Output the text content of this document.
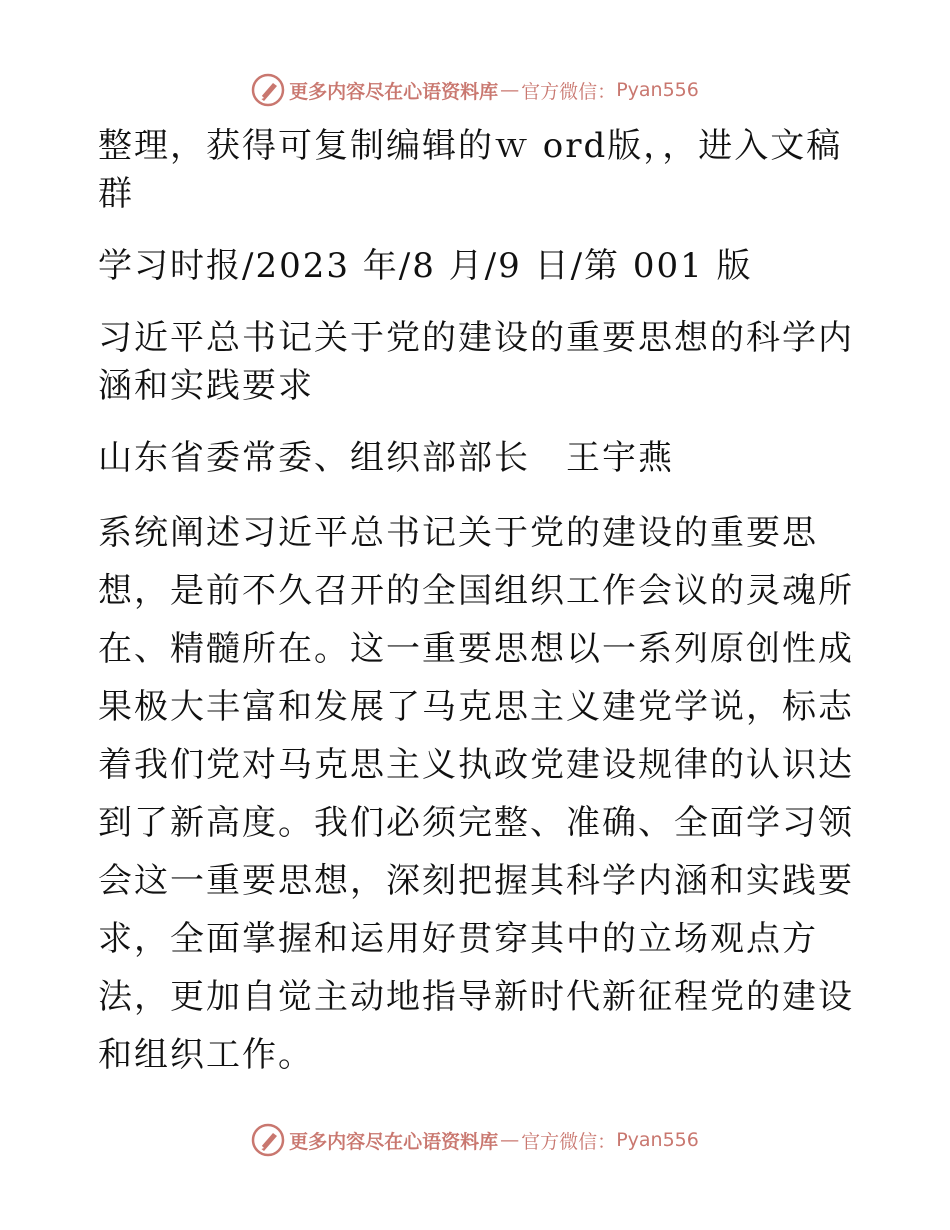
更多内容尽在心语资料库 — 官方微信： Pyan556

整理，获得可复制编辑的ｗ ord版，，进入文稿群

学习时报/2023 年/8 月/9 日/第 001 版

习近平总书记关于党的建设的重要思想的科学内涵和实践要求

山东省委常委、组织部部长　王宇燕

系统阐述习近平总书记关于党的建设的重要思想，是前不久召开的全国组织工作会议的灵魂所在、精髓所在。这一重要思想以一系列原创性成果极大丰富和发展了马克思主义建党学说，标志着我们党对马克思主义执政党建设规律的认识达到了新高度。我们必须完整、准确、全面学习领会这一重要思想，深刻把握其科学内涵和实践要求，全面掌握和运用好贯穿其中的立场观点方法，更加自觉主动地指导新时代新征程党的建设和组织工作。

更多内容尽在心语资料库 — 官方微信： Pyan556
